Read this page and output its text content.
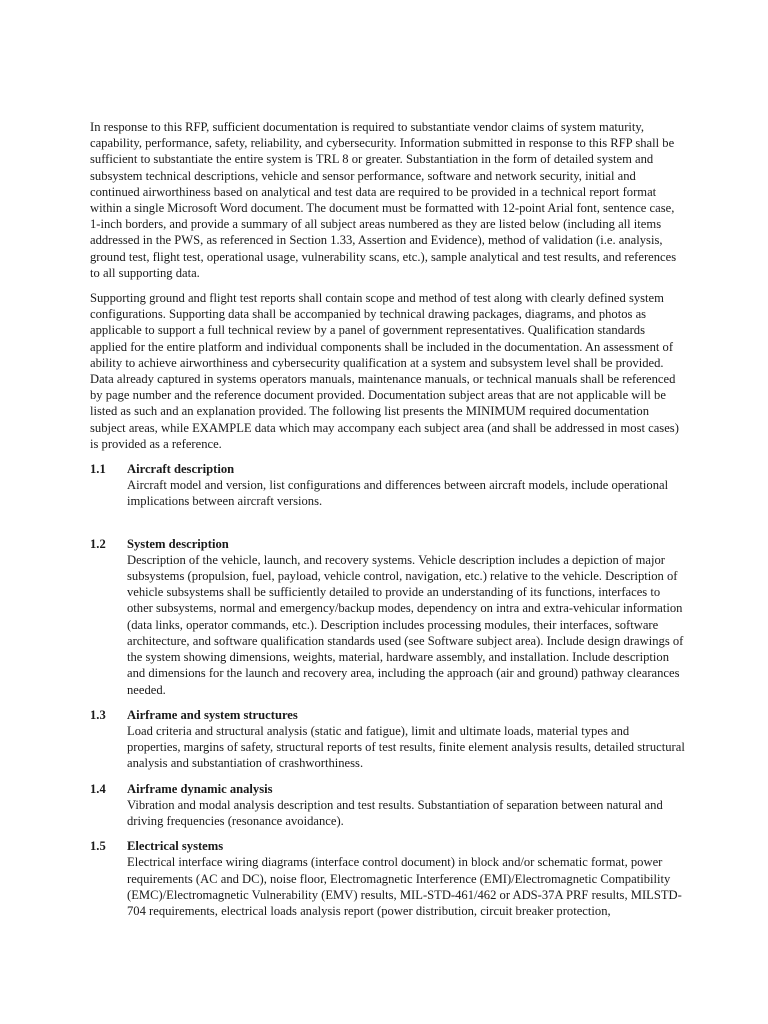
In response to this RFP, sufficient documentation is required to substantiate vendor claims of system maturity, capability, performance, safety, reliability, and cybersecurity. Information submitted in response to this RFP shall be sufficient to substantiate the entire system is TRL 8 or greater. Substantiation in the form of detailed system and subsystem technical descriptions, vehicle and sensor performance, software and network security, initial and continued airworthiness based on analytical and test data are required to be provided in a technical report format within a single Microsoft Word document. The document must be formatted with 12-point Arial font, sentence case, 1-inch borders, and provide a summary of all subject areas numbered as they are listed below (including all items addressed in the PWS, as referenced in Section 1.33, Assertion and Evidence), method of validation (i.e. analysis, ground test, flight test, operational usage, vulnerability scans, etc.), sample analytical and test results, and references to all supporting data.

Supporting ground and flight test reports shall contain scope and method of test along with clearly defined system configurations. Supporting data shall be accompanied by technical drawing packages, diagrams, and photos as applicable to support a full technical review by a panel of government representatives. Qualification standards applied for the entire platform and individual components shall be included in the documentation. An assessment of ability to achieve airworthiness and cybersecurity qualification at a system and subsystem level shall be provided. Data already captured in systems operators manuals, maintenance manuals, or technical manuals shall be referenced by page number and the reference document provided. Documentation subject areas that are not applicable will be listed as such and an explanation provided. The following list presents the MINIMUM required documentation subject areas, while EXAMPLE data which may accompany each subject area (and shall be addressed in most cases) is provided as a reference.

1.1 Aircraft description
Aircraft model and version, list configurations and differences between aircraft models, include operational implications between aircraft versions.
1.2 System description
Description of the vehicle, launch, and recovery systems. Vehicle description includes a depiction of major subsystems (propulsion, fuel, payload, vehicle control, navigation, etc.) relative to the vehicle. Description of vehicle subsystems shall be sufficiently detailed to provide an understanding of its functions, interfaces to other subsystems, normal and emergency/backup modes, dependency on intra and extra-vehicular information (data links, operator commands, etc.). Description includes processing modules, their interfaces, software architecture, and software qualification standards used (see Software subject area). Include design drawings of the system showing dimensions, weights, material, hardware assembly, and installation. Include description and dimensions for the launch and recovery area, including the approach (air and ground) pathway clearances needed.
1.3 Airframe and system structures
Load criteria and structural analysis (static and fatigue), limit and ultimate loads, material types and properties, margins of safety, structural reports of test results, finite element analysis results, detailed structural analysis and substantiation of crashworthiness.
1.4 Airframe dynamic analysis
Vibration and modal analysis description and test results. Substantiation of separation between natural and driving frequencies (resonance avoidance).
1.5 Electrical systems
Electrical interface wiring diagrams (interface control document) in block and/or schematic format, power requirements (AC and DC), noise floor, Electromagnetic Interference (EMI)/Electromagnetic Compatibility (EMC)/Electromagnetic Vulnerability (EMV) results, MIL-STD-461/462 or ADS-37A PRF results, MILSTD-704 requirements, electrical loads analysis report (power distribution, circuit breaker protection,
